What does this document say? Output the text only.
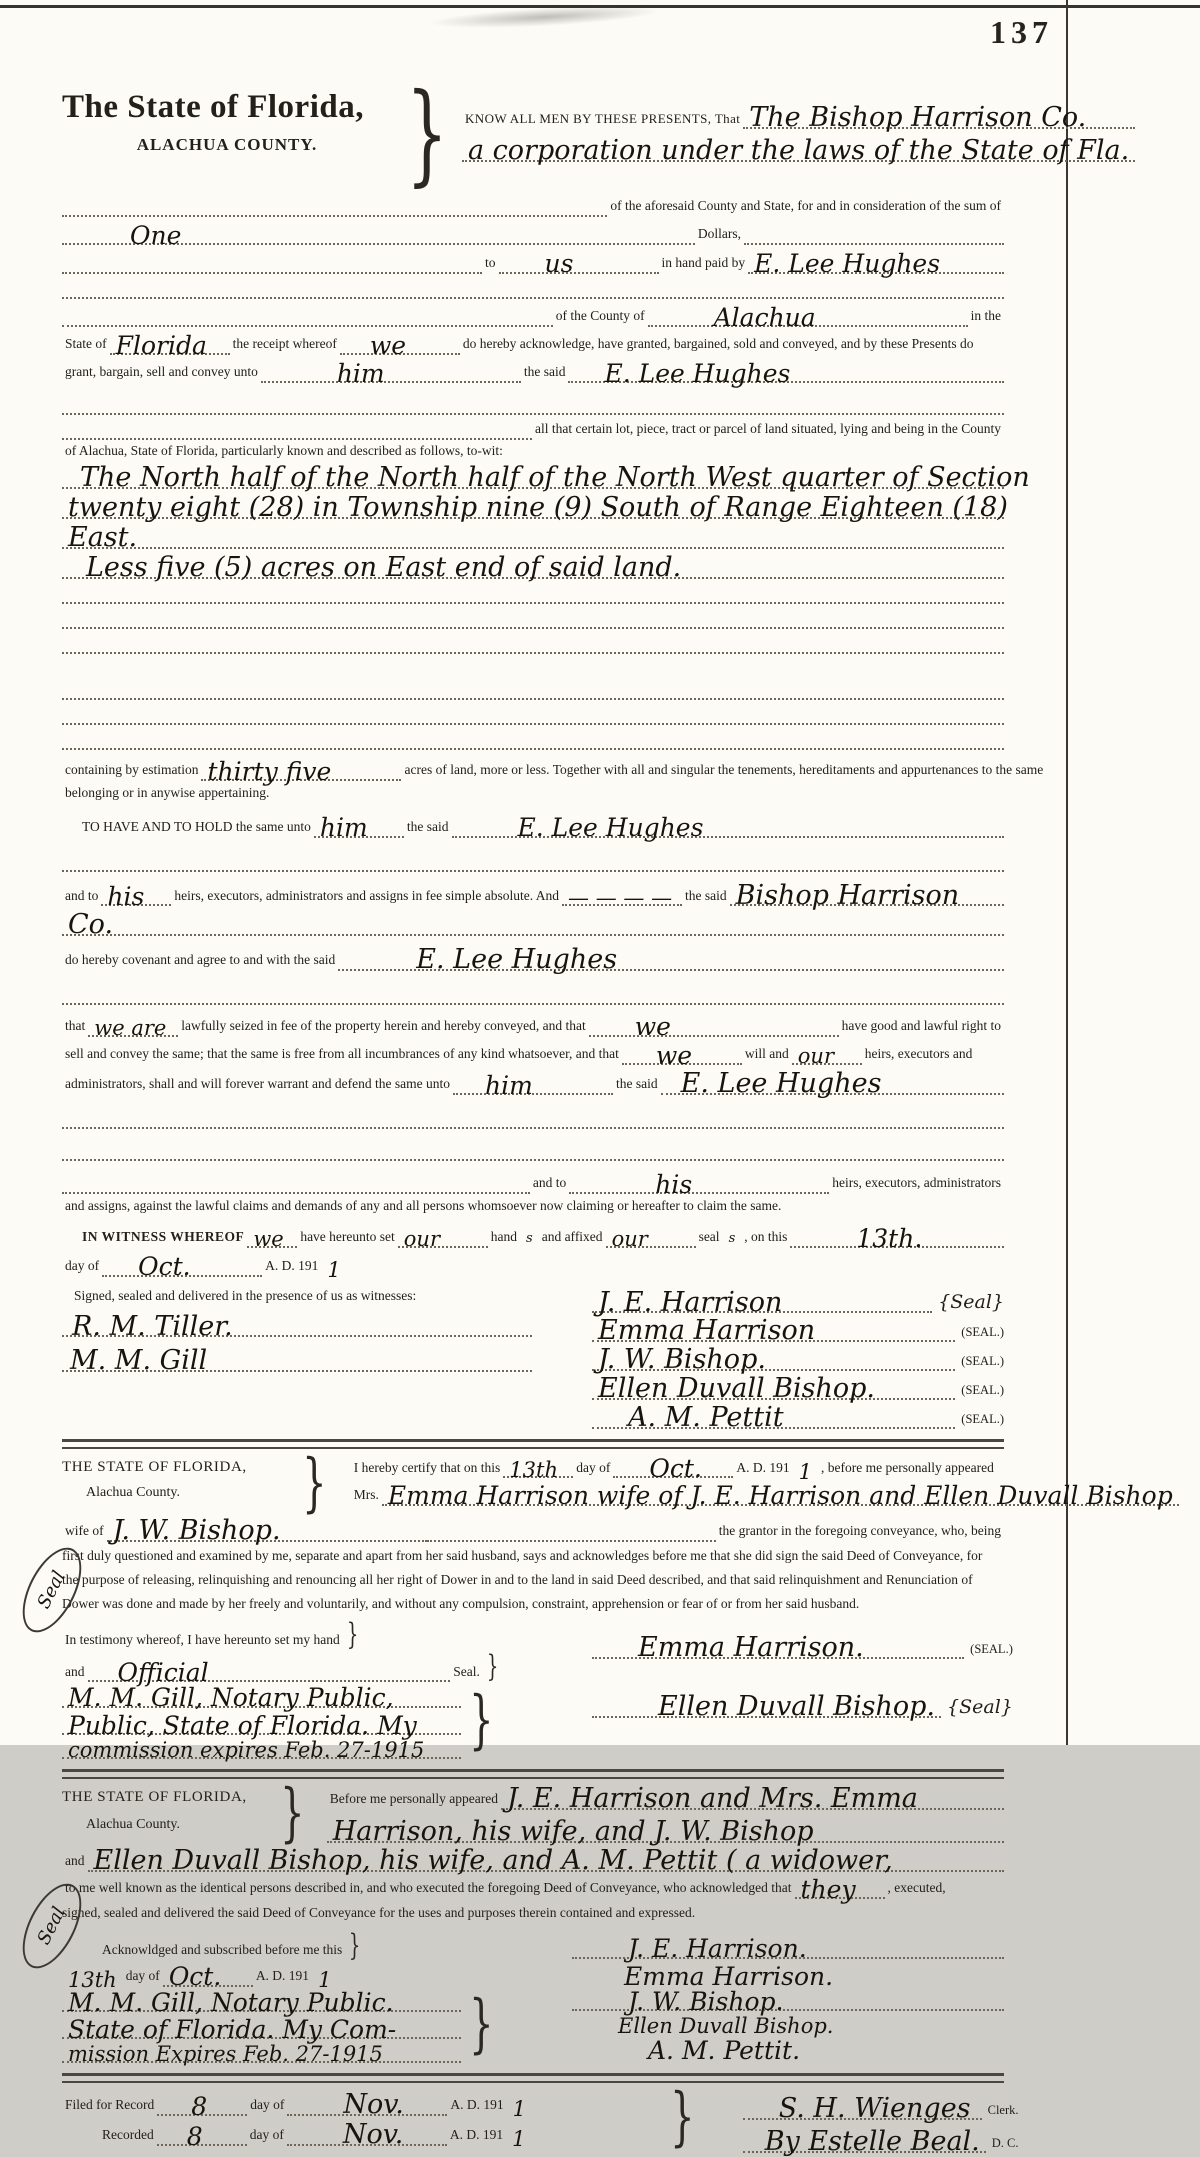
137
The State of Florida,
ALACHUA COUNTY. } KNOW ALL MEN BY THESE PRESENTS, That The Bishop Harrison Co.
a corporation under the laws of the State of Fla.
of the aforesaid County and State, for and in consideration of the sum of
One	Dollars,
to us	in hand paid by E. Lee Hughes
of the County of	Alachua	in the
State of Florida	the receipt whereof we	do hereby acknowledge, have granted, bargained, sold and conveyed, and by these Presents do
grant, bargain, sell and convey unto	him	the said E. Lee Hughes
all that certain lot, piece, tract or parcel of land situated, lying and being in the County
of Alachua, State of Florida, particularly known and described as follows, to-wit:
The North half of the North half of the North West quarter of Section
twenty eight (28) in Township nine (9) South of Range Eighteen (18)
East.
Less five (5) acres on East end of said land.
containing by estimation thirty five	acres of land, more or less. Together with all and singular the tenements, hereditaments and appurtenances to the same
belonging or in anywise appertaining.
TO HAVE AND TO HOLD the same unto him	the said	E. Lee Hughes
and to his	heirs, executors, administrators and assigns in fee simple absolute. And — — — — the said Bishop Harrison
Co.
do hereby covenant and agree to and with the said	E. Lee Hughes
that we are	lawfully seized in fee of the property herein and hereby conveyed, and that we	have good and lawful right to
sell and convey the same; that the same is free from all incumbrances of any kind whatsoever, and that we	will and our	heirs, executors and
administrators, shall and will forever warrant and defend the same unto him	the said E. Lee Hughes
and to	his	heirs, executors, administrators
and assigns, against the lawful claims and demands of any and all persons whomsoever now claiming or hereafter to claim the same.
IN WITNESS WHEREOF we	have hereunto set our	hand s and affixed our	seal s , on this	13th.
day of Oct.	A. D. 191 1
Signed, sealed and delivered in the presence of us as witnesses:
R. M. Tiller.
M. M. Gill
J. E. Harrison	{Seal}
Emma Harrison	(SEAL.)
J. W. Bishop.	(SEAL.)
Ellen Duvall Bishop.	(SEAL.)
A. M. Pettit	(SEAL.)
THE STATE OF FLORIDA,
Alachua County.	} I hereby certify that on this 13th	day of Oct.	A. D. 191 1 , before me personally appeared
Mrs. Emma Harrison wife of J. E. Harrison and Ellen Duvall Bishop
wife of J. W. Bishop.	the grantor in the foregoing conveyance, who, being
first duly questioned and examined by me, separate and apart from her said husband, says and acknowledges before me that she did sign the said Deed of Conveyance, for
the purpose of releasing, relinquishing and renouncing all her right of Dower in and to the land in said Deed described, and that said relinquishment and Renunciation of
Dower was done and made by her freely and voluntarily, and without any compulsion, constraint, apprehension or fear of or from her said husband.
Seal
In testimony whereof, I have hereunto set my hand }
and Official	Seal. }
M. M. Gill, Notary Public,
Public, State of Florida. My
commission expires Feb. 27-1915 }
Emma Harrison.	(SEAL.)
Ellen Duvall Bishop. {Seal}
THE STATE OF FLORIDA,
Alachua County.	} Before me personally appeared J. E. Harrison and Mrs. Emma
Harrison, his wife, and J. W. Bishop
and Ellen Duvall Bishop, his wife, and A. M. Pettit ( a widower,
to me well known as the identical persons described in, and who executed the foregoing Deed of Conveyance, who acknowledged that they	, executed,
signed, sealed and delivered the said Deed of Conveyance for the uses and purposes therein contained and expressed.
Seal
Acknowldged and subscribed before me this }
13th day of Oct.	A. D. 191 1
M. M. Gill, Notary Public.
State of Florida. My Com-
mission Expires Feb. 27-1915 }
J. E. Harrison.
Emma Harrison.
J. W. Bishop.
Ellen Duvall Bishop.
A. M. Pettit.
Filed for Record 8	day of Nov.	A. D. 191 1
Recorded 8	day of Nov.	A. D. 191 1 }	S. H. Wienges	Clerk.
By Estelle Beal. D. C.
